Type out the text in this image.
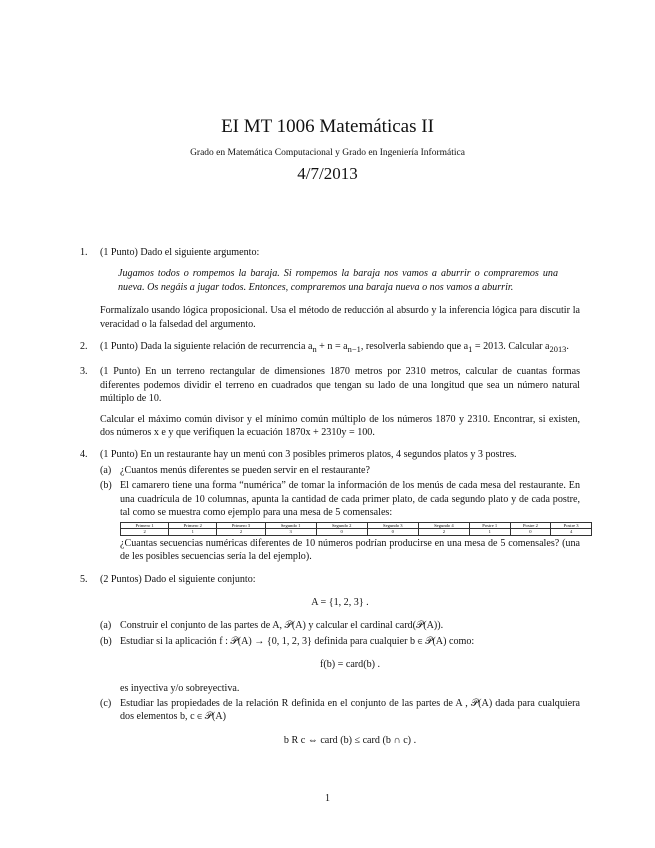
EI MT 1006 Matemáticas II
Grado en Matemática Computacional y Grado en Ingeniería Informática
4/7/2013
1. (1 Punto) Dado el siguiente argumento:

Jugamos todos o rompemos la baraja. Si rompemos la baraja nos vamos a aburrir o compraremos una nueva. Os negáis a jugar todos. Entonces, compraremos una baraja nueva o nos vamos a aburrir.

Formalízalo usando lógica proposicional. Usa el método de reducción al absurdo y la inferencia lógica para discutir la veracidad o la falsedad del argumento.

2. (1 Punto) Dada la siguiente relación de recurrencia $a_n + n = a_{n-1}$, resolverla sabiendo que $a_1 = 2013$. Calcular $a_{2013}$.

3. (1 Punto) En un terreno rectangular de dimensiones 1870 metros por 2310 metros, calcular de cuantas formas diferentes podemos dividir el terreno en cuadrados que tengan su lado de una longitud que sea un número natural múltiplo de 10.

Calcular el máximo común divisor y el mínimo común múltiplo de los números 1870 y 2310. Encontrar, si existen, dos números x e y que verifiquen la ecuación 1870x + 2310y = 100.

4. (1 Punto) En un restaurante hay un menú con 3 posibles primeros platos, 4 segundos platos y 3 postres.

(a) ¿Cuantos menús diferentes se pueden servir en el restaurante?

(b) El camarero tiene una forma “numérica” de tomar la información de los menús de cada mesa del restaurante. En una cuadrícula de 10 columnas, apunta la cantidad de cada primer plato, de cada segundo plato y de cada postre, tal como se muestra como ejemplo para una mesa de 5 comensales:

Primero 1	Primero 2	Primero 3	Segundo 1	Segundo 2	Segundo 3	Segundo 4	Postre 1	Postre 2	Postre 3
2	1	2	3	0	0	2	1	0	4

¿Cuantas secuencias numéricas diferentes de 10 números podrían producirse en una mesa de 5 comensales? (una de les posibles secuencias sería la del ejemplo).

5. (2 Puntos) Dado el siguiente conjunto:

A = {1, 2, 3} .
(a) Construir el conjunto de las partes de A, 𝒫(A) y calcular el cardinal card(𝒫(A)).

(b) Estudiar si la aplicación f : 𝒫(A) → {0, 1, 2, 3} definida para cualquier b ∈ 𝒫(A) como:

f(b) = card(b) .

es inyectiva y/o sobreyectiva.

(c) Estudiar las propiedades de la relación R definida en el conjunto de las partes de A , 𝒫(A) dada para cualquiera dos elementos b, c ∈ 𝒫(A)

b R c ⇔ card (b) ≤ card (b ∩ c) .
1
